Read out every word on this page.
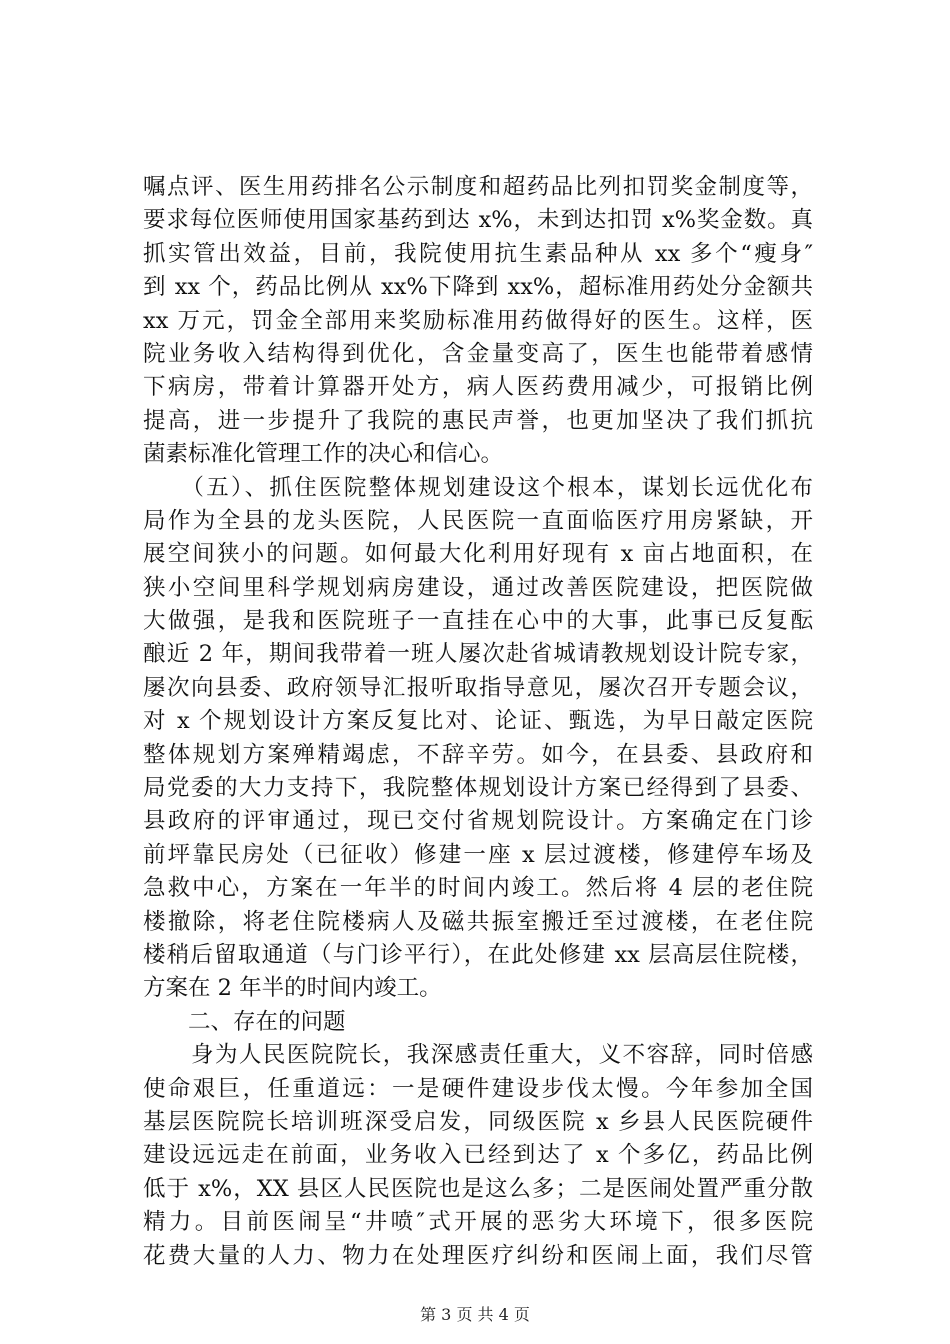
嘱点评、医生用药排名公示制度和超药品比列扣罚奖金制度等，
要求每位医师使用国家基药到达 x%，未到达扣罚 x%奖金数。真
抓实管出效益，目前，我院使用抗生素品种从 xx 多个“瘦身″
到 xx 个，药品比例从 xx%下降到 xx%，超标准用药处分金额共
xx 万元，罚金全部用来奖励标准用药做得好的医生。这样，医
院业务收入结构得到优化，含金量变高了，医生也能带着感情
下病房，带着计算器开处方，病人医药费用减少，可报销比例
提高，进一步提升了我院的惠民声誉，也更加坚决了我们抓抗
菌素标准化管理工作的决心和信心。
　　（五）、抓住医院整体规划建设这个根本，谋划长远优化布
局作为全县的龙头医院，人民医院一直面临医疗用房紧缺，开
展空间狭小的问题。如何最大化利用好现有 x 亩占地面积，在
狭小空间里科学规划病房建设，通过改善医院建设，把医院做
大做强，是我和医院班子一直挂在心中的大事，此事已反复酝
酿近 2 年，期间我带着一班人屡次赴省城请教规划设计院专家，
屡次向县委、政府领导汇报听取指导意见，屡次召开专题会议，
对 x 个规划设计方案反复比对、论证、甄选，为早日敲定医院
整体规划方案殚精竭虑，不辞辛劳。如今，在县委、县政府和
局党委的大力支持下，我院整体规划设计方案已经得到了县委、
县政府的评审通过，现已交付省规划院设计。方案确定在门诊
前坪靠民房处（已征收）修建一座 x 层过渡楼，修建停车场及
急救中心，方案在一年半的时间内竣工。然后将 4 层的老住院
楼撤除，将老住院楼病人及磁共振室搬迁至过渡楼，在老住院
楼稍后留取通道（与门诊平行），在此处修建 xx 层高层住院楼，
方案在 2 年半的时间内竣工。
　　二、存在的问题
　　身为人民医院院长，我深感责任重大，义不容辞，同时倍感
使命艰巨，任重道远：一是硬件建设步伐太慢。今年参加全国
基层医院院长培训班深受启发，同级医院 x 乡县人民医院硬件
建设远远走在前面，业务收入已经到达了 x 个多亿，药品比例
低于 x%，XX 县区人民医院也是这么多；二是医闹处置严重分散
精力。目前医闹呈“井喷″式开展的恶劣大环境下，很多医院
花费大量的人力、物力在处理医疗纠纷和医闹上面，我们尽管
第 3 页 共 4 页
